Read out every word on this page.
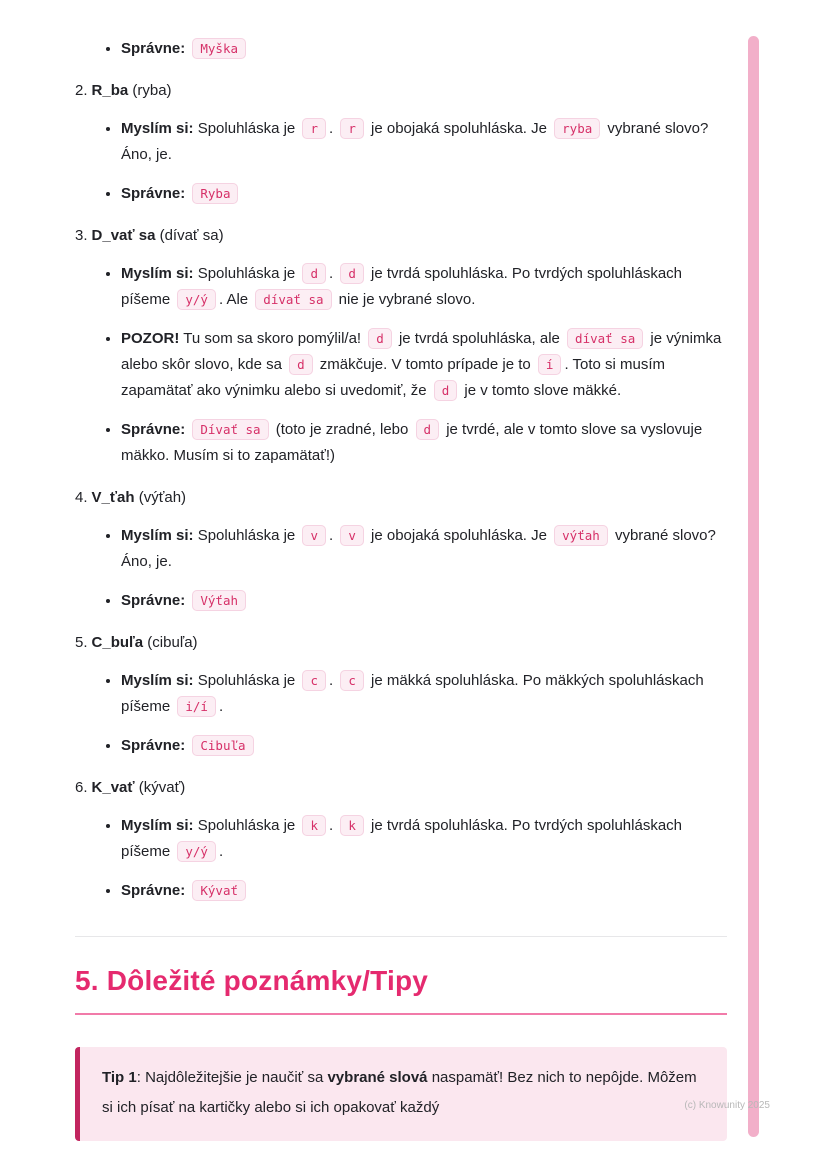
• Správne: Myška
2. R_ba (ryba)
• Myslím si: Spoluhláska je r . r je obojaká spoluhláska. Je ryba vybrané slovo? Áno, je.
• Správne: Ryba
3. D_vať sa (dívať sa)
• Myslím si: Spoluhláska je d . d je tvrdá spoluhláska. Po tvrdých spoluhláskach píšeme y/ý . Ale dívať sa nie je vybrané slovo.
• POZOR! Tu som sa skoro pomýlil/a! d je tvrdá spoluhláska, ale dívať sa je výnimka alebo skôr slovo, kde sa d zmäkčuje. V tomto prípade je to í . Toto si musím zapamätať ako výnimku alebo si uvedomiť, že d je v tomto slove mäkké.
• Správne: Dívať sa (toto je zradné, lebo d je tvrdé, ale v tomto slove sa vyslovuje mäkko. Musím si to zapamätať!)
4. V_ťah (výťah)
• Myslím si: Spoluhláska je v . v je obojaká spoluhláska. Je výťah vybrané slovo? Áno, je.
• Správne: Výťah
5. C_buľa (cibuľa)
• Myslím si: Spoluhláska je c . c je mäkká spoluhláska. Po mäkkých spoluhláskach píšeme i/í .
• Správne: Cibuľa
6. K_vať (kývať)
• Myslím si: Spoluhláska je k . k je tvrdá spoluhláska. Po tvrdých spoluhláskach píšeme y/ý .
• Správne: Kývať
5. Dôležité poznámky/Tipy

Tip 1: Najdôležitejšie je naučiť sa vybrané slová naspamäť! Bez nich to nepôjde. Môžem si ich písať na kartičky alebo si ich opakovať každý	(c) Knowunity 2025
